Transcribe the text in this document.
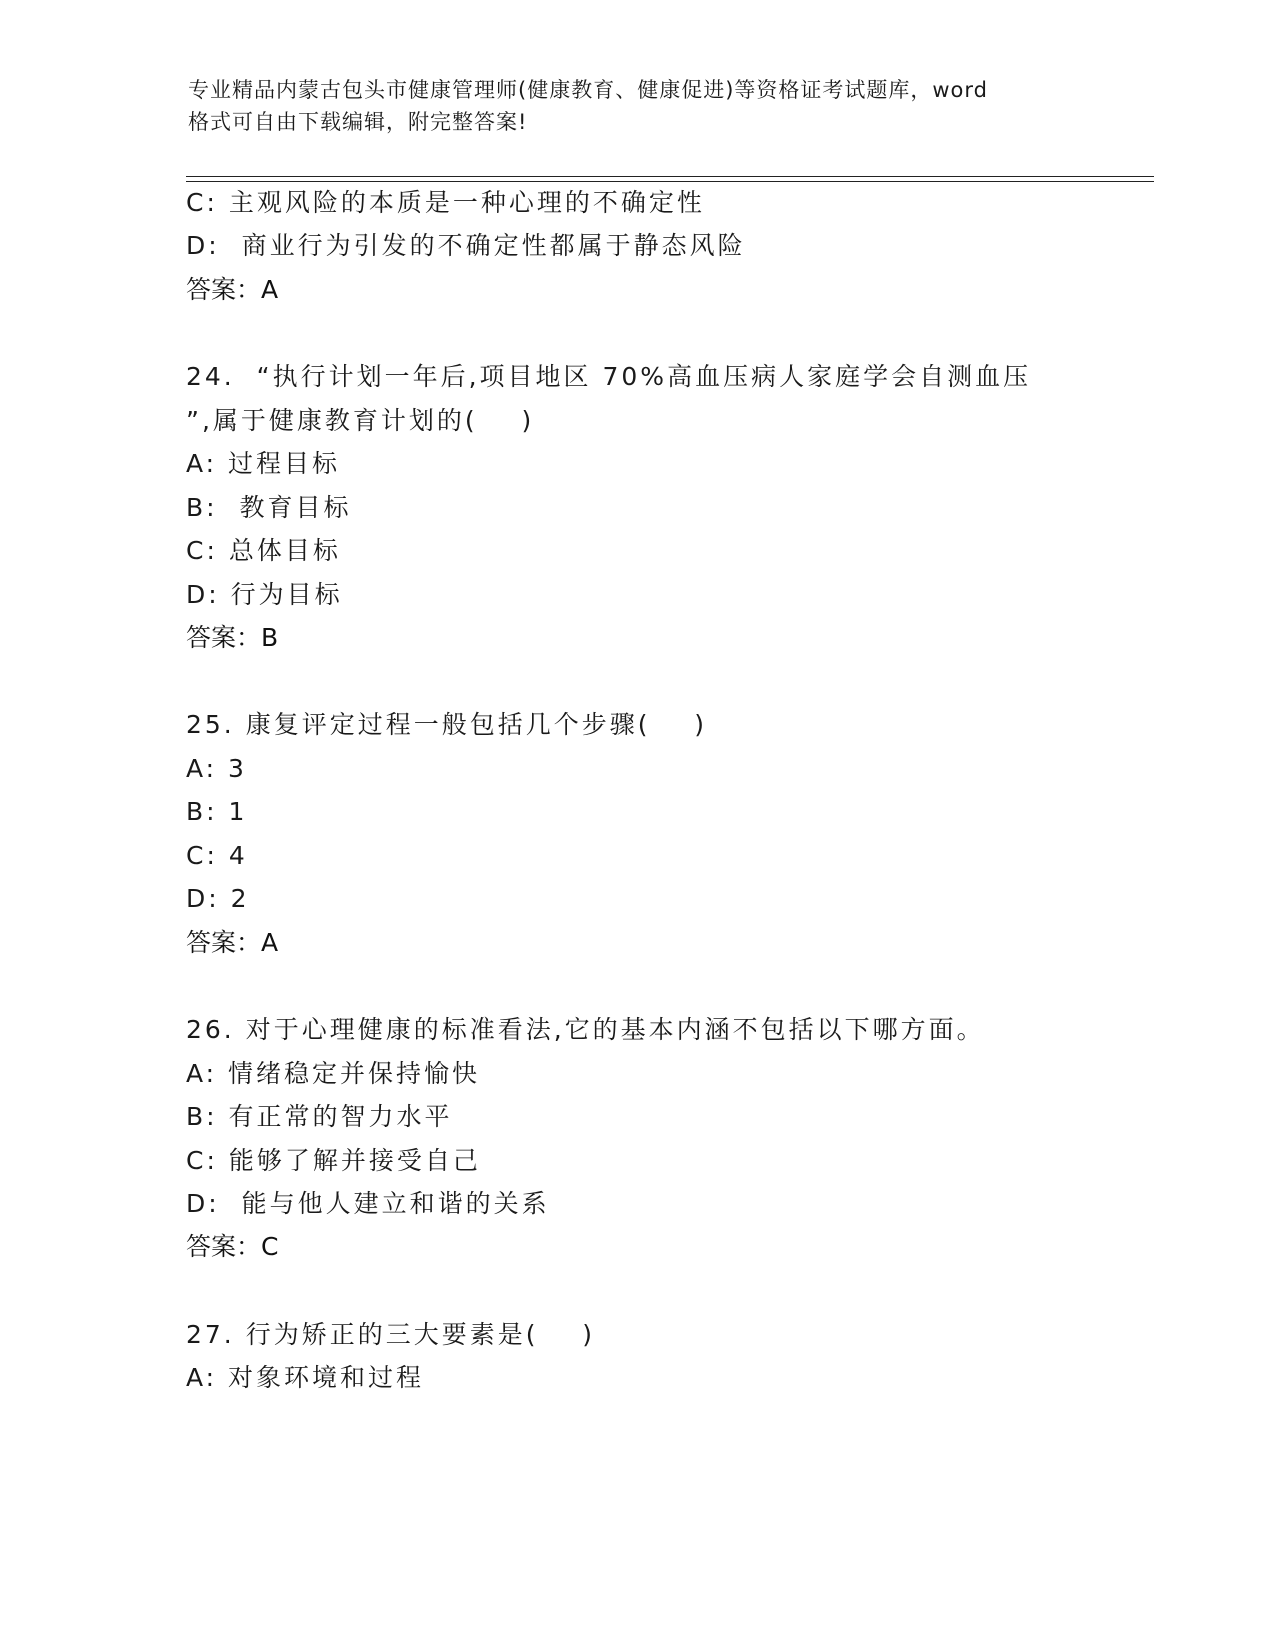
专业精品内蒙古包头市健康管理师(健康教育、健康促进)等资格证考试题库，word
格式可自由下载编辑，附完整答案!
C: 主观风险的本质是一种心理的不确定性
D:  商业行为引发的不确定性都属于静态风险
答案：A
24.  “执行计划一年后,项目地区 70%高血压病人家庭学会自测血压
”,属于健康教育计划的(    )
A: 过程目标
B:  教育目标
C: 总体目标
D: 行为目标
答案：B
25. 康复评定过程一般包括几个步骤(    )
A: 3
B: 1
C: 4
D: 2
答案：A
26. 对于心理健康的标准看法,它的基本内涵不包括以下哪方面。
A: 情绪稳定并保持愉快
B: 有正常的智力水平
C: 能够了解并接受自己
D:  能与他人建立和谐的关系
答案：C
27. 行为矫正的三大要素是(    )
A: 对象环境和过程
